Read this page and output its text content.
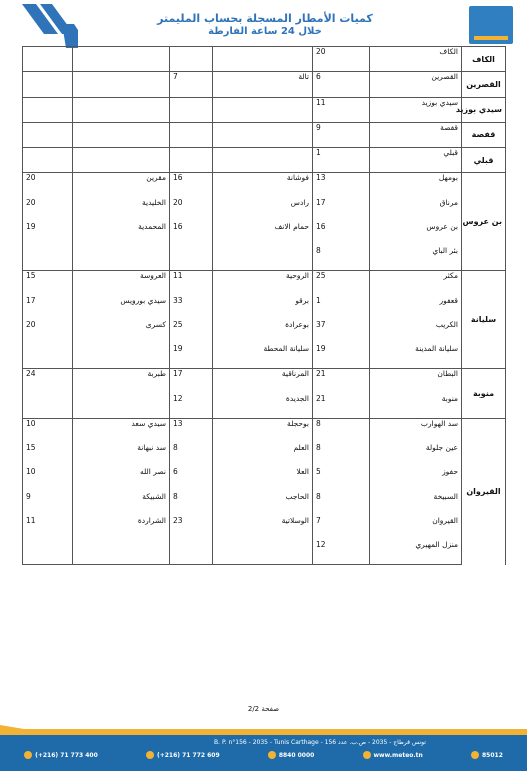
كميات الأمطار المسجلة بحساب المليمتر
خلال 24 ساعة الفارطة
الكاف	الكاف	20				
القصرين	القصرين	6	تالة	7		
سيدي بوزيد	سيدي بوزيد	11				
قفصة	قفصة	9				
قبلي	قبلي	1				
بن عروس	بومهل	13	فوشانة	16	مقرين	20
	مرناق	17	رادس	20	الخليدية	20
	بن عروس	16	حمام الانف	16	المحمدية	19
	بئر الباي	8				
سليانة	مكثر	25	الروحية	11	العروسة	15
	قعفور	1	برقو	33	سيدي بورويس	17
	الكريب	37	بوعرادة	25	كسرى	20
	سليانة المدينة	19	سليانة المحطة	19		
منوبة	البطان	21	المرناقية	17	طبربة	24
	منوبة	21	الجديدة	12		
القيروان	سد الهوارب	8	بوحجلة	13	سيدي سعد	10
	عين جلولة	8	العلم	8	سد نبهانة	15
	حفوز	5	العلا	6	نصر الله	10
	السبيخة	8	الحاجب	8	الشبيكة	9
	القيروان	7	الوسلاتية	23	الشراردة	11
	منزل المهيري	12				
صفحة 2/2
B. P. n°156 - 2035 - Tunis Carthage - تونس قرطاج - 2035 - ص.ب. عدد 156
(+216) 71 773 400	(+216) 71 772 609	8840 0000	www.meteo.tn	85012
